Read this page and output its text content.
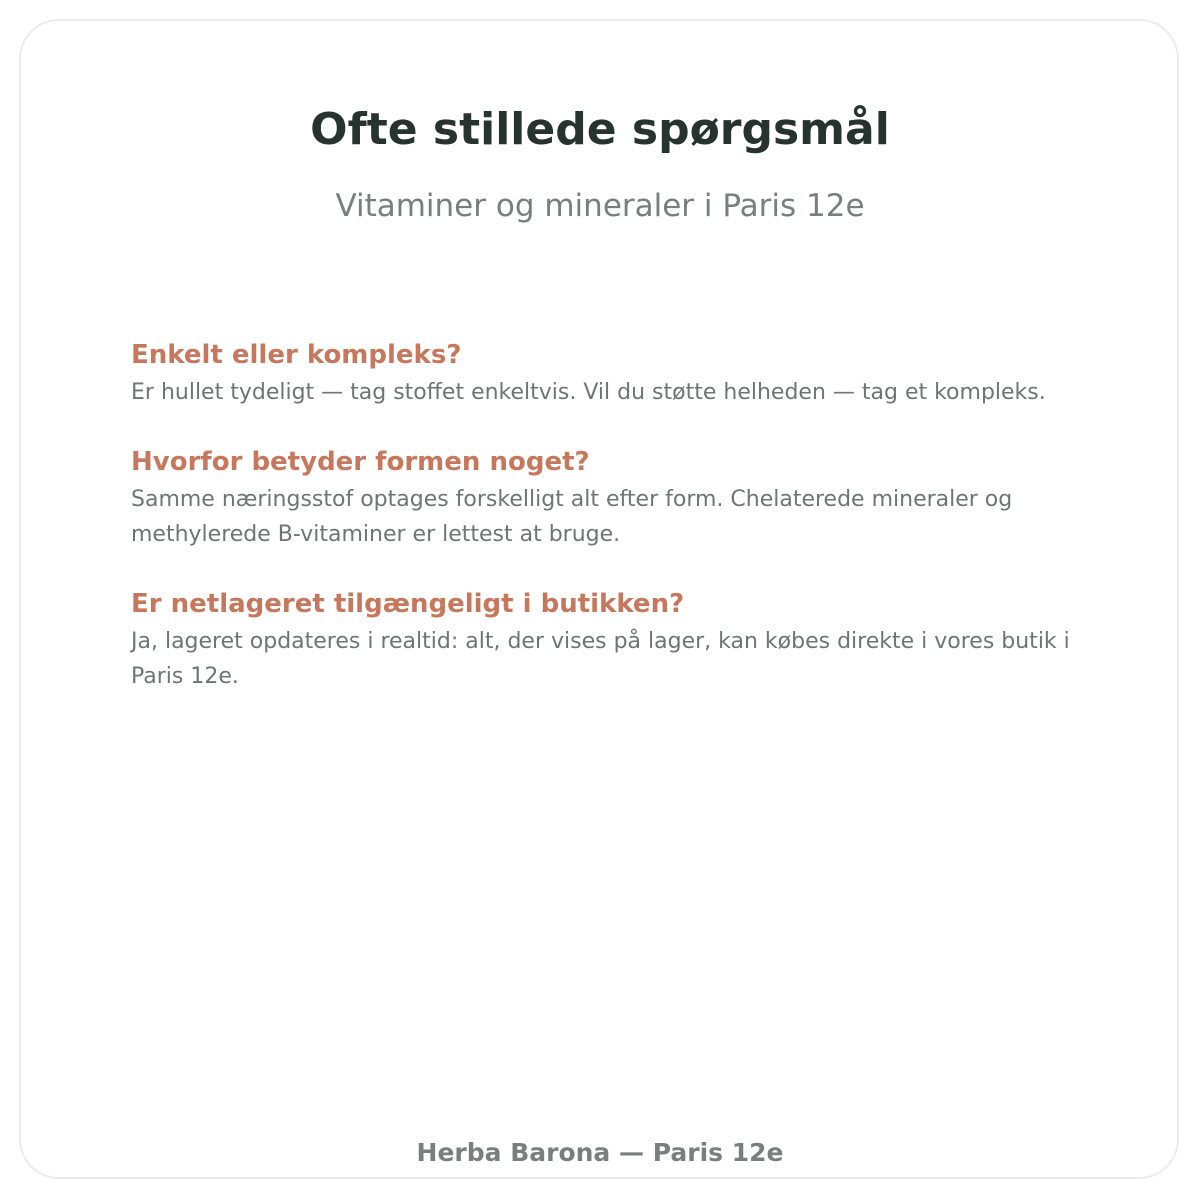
Ofte stillede spørgsmål

Vitaminer og mineraler i Paris 12e

Enkelt eller kompleks?

Er hullet tydeligt — tag stoffet enkeltvis. Vil du støtte helheden — tag et kompleks.

Hvorfor betyder formen noget?

Samme næringsstof optages forskelligt alt efter form. Chelaterede mineraler og methylerede B-vitaminer er lettest at bruge.

Er netlageret tilgængeligt i butikken?

Ja, lageret opdateres i realtid: alt, der vises på lager, kan købes direkte i vores butik i Paris 12e.

Herba Barona — Paris 12e
